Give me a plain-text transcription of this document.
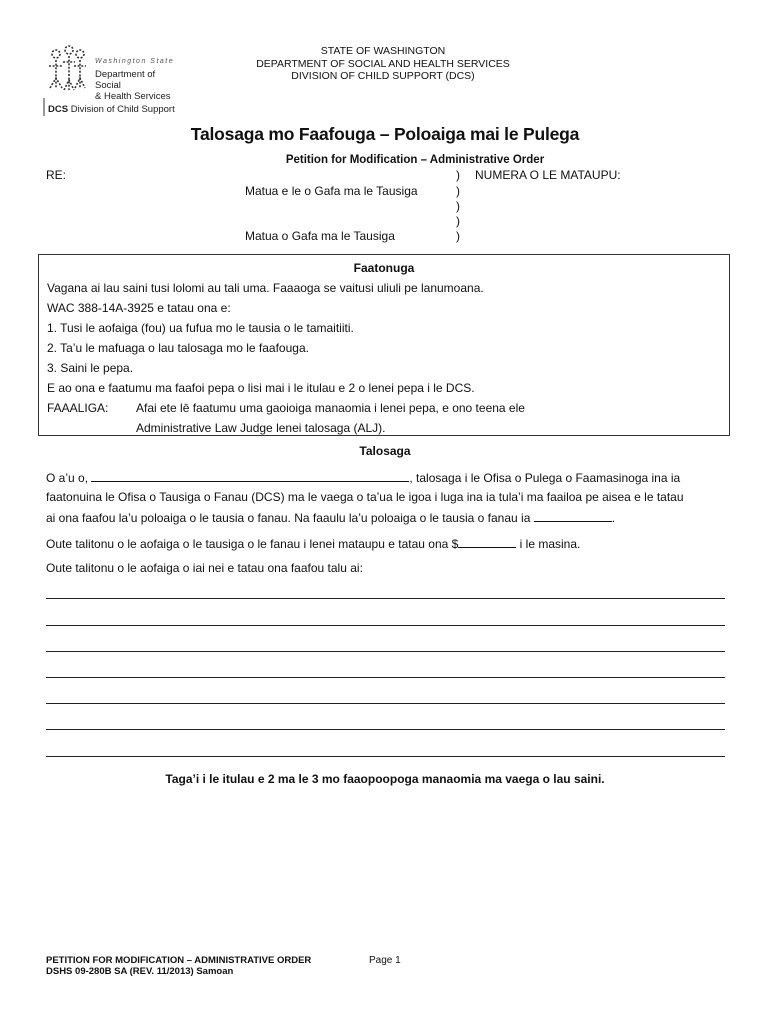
Washington State
Department of Social
& Health Services
DCS Division of Child Support
STATE OF WASHINGTON
DEPARTMENT OF SOCIAL AND HEALTH SERVICES
DIVISION OF CHILD SUPPORT (DCS)
Talosaga mo Faafouga – Poloaiga mai le Pulega
Petition for Modification – Administrative Order
RE:
Matua e le o Gafa ma le Tausiga
Matua o Gafa ma le Tausiga
)
)
)
)
)
NUMERA O LE MATAUPU:
Faatonuga
Vagana ai lau saini tusi lolomi au tali uma. Faaaoga se vaitusi uliuli pe lanumoana.
WAC 388-14A-3925 e tatau ona e:
1. Tusi le aofaiga (fou) ua fufua mo le tausia o le tamaitiiti.
2. Ta’u le mafuaga o lau talosaga mo le faafouga.
3. Saini le pepa.
E ao ona e faatumu ma faafoi pepa o lisi mai i le itulau e 2 o lenei pepa i le DCS.
FAAALIGA: Afai ete lē faatumu uma gaoioiga manaomia i lenei pepa, e ono teena ele
Administrative Law Judge lenei talosaga (ALJ).
Talosaga
O a’u o,	, talosaga i le Ofisa o Pulega o Faamasinoga ina ia
faatonuina le Ofisa o Tausiga o Fanau (DCS) ma le vaega o ta’ua le igoa i luga ina ia tula’i ma faailoa pe aisea e le tatau
ai ona faafou la’u poloaiga o le tausia o fanau. Na faaulu la’u poloaiga o le tausia o fanau ia	.
Oute talitonu o le aofaiga o le tausiga o le fanau i lenei mataupu e tatau ona $	i le masina.
Oute talitonu o le aofaiga o iai nei e tatau ona faafou talu ai:
Taga’i i le itulau e 2 ma le 3 mo faaopoopoga manaomia ma vaega o lau saini.
PETITION FOR MODIFICATION – ADMINISTRATIVE ORDER
DSHS 09-280B SA (REV. 11/2013) Samoan
Page 1
